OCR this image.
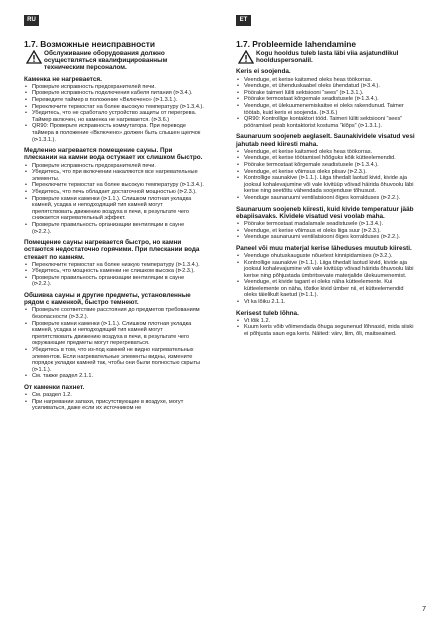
RU	ET
1.7. Возможные неисправности
Обслуживание оборудования должно осуществляться квалифицированным техническим персоналом.
Каменка не нагревается.
• Проверьте исправность предохранителей печи.
• Проверьте исправность подключения кабеля питания (⊳3.4.).
• Переведите таймер в положение «Включено» (⊳1.3.1.).
• Переключите термостат на более высокую температуру (⊳1.3.4.).
• Убедитесь, что не сработало устройство защиты от перегрева. Таймер включен, но каменка не нагревается. (⊳3.6.)
• QR90: Проверьте исправность коммутатора. При переводе таймера в положение «Включено» должен быть слышен щелчок (⊳1.3.1.).
Медленно нагревается помещение сауны. При плескании на камни вода остужает их слишком быстро.
• Проверьте исправность предохранителей печи.
• Убедитесь, что при включении накаляются все нагревательные элементы.
• Переключите термостат на более высокую температуру (⊳1.3.4.).
• Убедитесь, что печь обладает достаточной мощностью (⊳2.3.).
• Проверьте камни каменки (⊳1.1.). Слишком плотная укладка камней, усадка и неподходящий тип камней могут препятствовать движению воздуха в печи, в результате чего снижается нагревательный эффект.
• Проверьте правильность организации вентиляции в сауне (⊳2.2.).
Помещение сауны нагревается быстро, но камни остаются недостаточно горячими. При плескании вода стекает по камням.
• Переключите термостат на более низкую температуру (⊳1.3.4.).
• Убедитесь, что мощность каменки не слишком высока (⊳2.3.).
• Проверьте правильность организации вентиляции в сауне (⊳2.2.).
Обшивка сауны и другие предметы, установленные рядом с каменкой, быстро темнеют.
• Проверьте соответствие расстояния до предметов требованиям безопасности (⊳3.2.).
• Проверьте камни каменки (⊳1.1.). Слишком плотная укладка камней, усадка и неподходящий тип камней могут препятствовать движению воздуха в печи, в результате чего окружающие предметы могут перегреваться.
• Убедитесь в том, что из-под камней не видно нагревательных элементов. Если нагревательные элементы видны, измените порядок укладки камней так, чтобы они были полностью скрыты (⊳1.1.).
• См. также раздел 2.1.1.
От каменки пахнет.
• См. раздел 1.2.
• При нагревании запахи, присутствующие в воздухе, могут усиливаться, даже если их источником не
1.7. Probleemide lahendamine
Kogu hooldus tuleb lasta läbi viia asjatundlikul hoolduspersonalil.
Keris ei soojenda.
• Veenduge, et kerise kaitsmed oleks heas töökorras.
• Veenduge, et ühenduskaabel oleks ühendatud (⊳3.4.).
• Pöörake taimeri lüliti sektsiooni “sees” (⊳1.3.1.).
• Pöörake termostaat kõrgemale seadistusele (⊳1.3.4.).
• Veenduge, et ülekuumenemiskaitse ei oleks rakendunud. Taimer töötab, kuid keris ei soojenda. (⊳3.6.)
• QR90: Kontrollige kontaktori tööd. Taimeri lüliti sektsiooni “sees” pööramisel peab kontaktorist kostuma “klõps” (⊳1.3.1.).
Saunaruum soojeneb aeglaselt. Saunakividele visatud vesi jahutab need kiiresti maha.
• Veenduge, et kerise kaitsmed oleks heas töökorras.
• Veenduge, et kerise töötamisel hõõguks kõik kütteelemendid.
• Pöörake termostaat kõrgemale seadistusele (⊳1.3.4.).
• Veenduge, et kerise võimsus oleks piisav (⊳2.3.).
• Kontrollige saunakive (⊳1.1.). Liiga tihedalt laotud kivid, kivide aja jooksul kohalevajumine või vale kivitüüp võivad häirida õhuvoolu läbi kerise ning seetõttu vähendada soojenduse tõhusust.
• Veenduge saunaruumi ventilatsiooni õiges korralduses (⊳2.2.).
Saunaruum soojeneb kiiresti, kuid kivide temperatuur jääb ebapiisavaks. Kividele visatud vesi voolab maha.
• Pöörake termostaat madalamale seadistusele (⊳1.3.4.).
• Veenduge, et kerise võimsus ei oleks liiga suur (⊳2.3.).
• Veenduge saunaruumi ventilatsiooni õiges korralduses (⊳2.2.).
Paneel või muu materjal kerise läheduses muutub kiiresti.
• Veenduge ohutuskauguste nõuetest kinnipidamises (⊳3.2.).
• Kontrollige saunakive (⊳1.1.). Liiga tihedalt laotud kivid, kivide aja jooksul kohalevajumine või vale kivitüüp võivad häirida õhuvoolu läbi kerise ning põhjustada ümbritsevate materjalide ülekuumenemist.
• Veenduge, et kivide tagant ei oleks näha kütteelemente. Kui kütteelemente on näha, tõstke kivid ümber nii, et kütteelemendid oleks täielikult kaetud (⊳1.1.).
• Vt ka lõiku 2.1.1.
Kerisest tuleb lõhna.
• Vt lõik 1.2.
• Kuum keris võib võimendada õhuga segunenud lõhnasid, mida siiski ei põhjusta saun ega keris. Näited: värv, liim, õli, maitseained.
7
